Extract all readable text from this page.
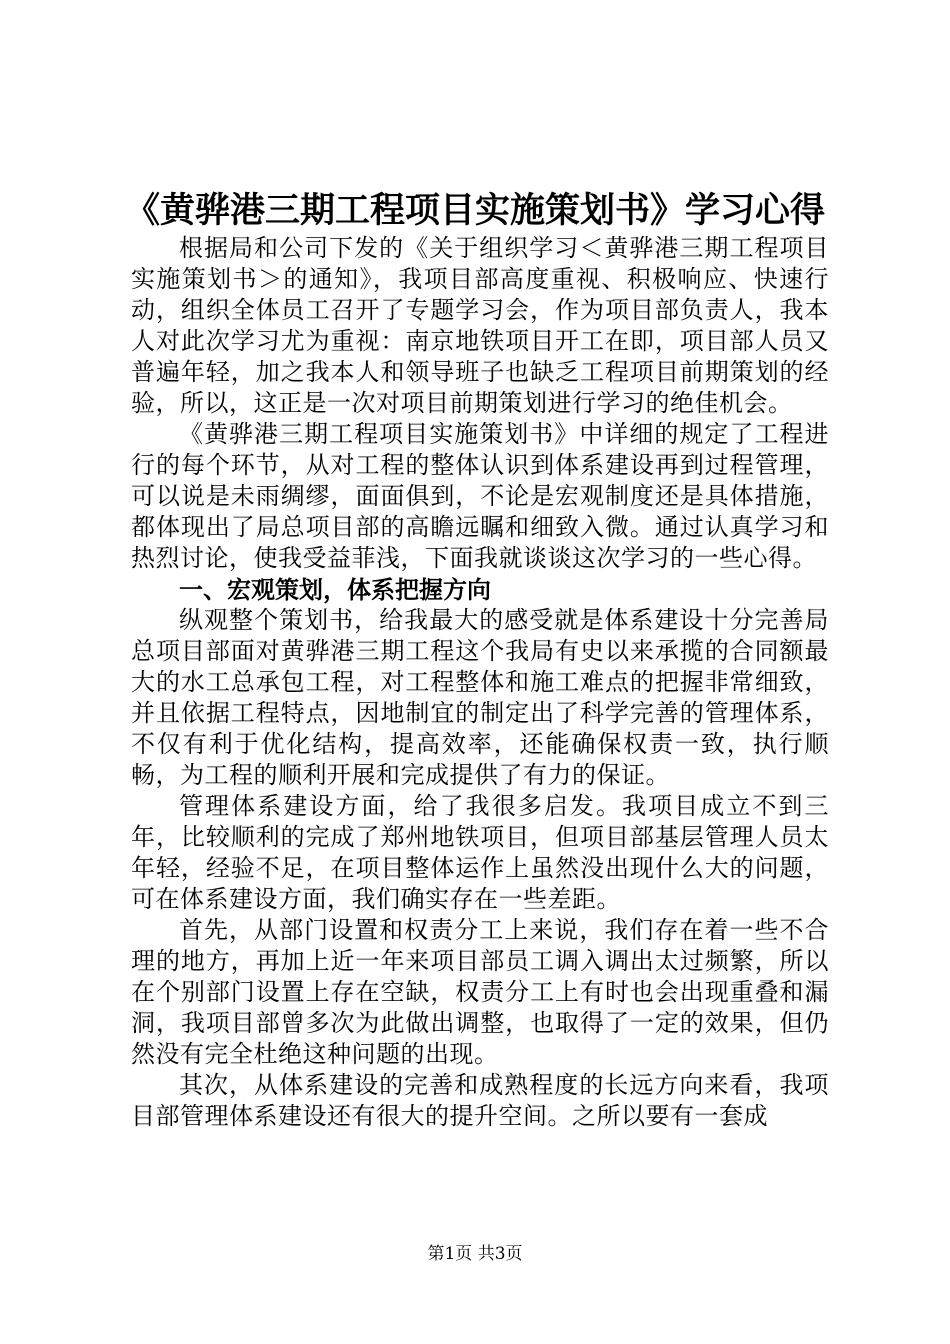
《黄骅港三期工程项目实施策划书》学习心得

根据局和公司下发的《关于组织学习＜黄骅港三期工程项目实施策划书＞的通知》，我项目部高度重视、积极响应、快速行动，组织全体员工召开了专题学习会，作为项目部负责人，我本人对此次学习尤为重视：南京地铁项目开工在即，项目部人员又普遍年轻，加之我本人和领导班子也缺乏工程项目前期策划的经验，所以，这正是一次对项目前期策划进行学习的绝佳机会。

《黄骅港三期工程项目实施策划书》中详细的规定了工程进行的每个环节，从对工程的整体认识到体系建设再到过程管理，可以说是未雨绸缪，面面俱到，不论是宏观制度还是具体措施，都体现出了局总项目部的高瞻远瞩和细致入微。通过认真学习和热烈讨论，使我受益菲浅，下面我就谈谈这次学习的一些心得。

一、宏观策划，体系把握方向

纵观整个策划书，给我最大的感受就是体系建设十分完善局总项目部面对黄骅港三期工程这个我局有史以来承揽的合同额最大的水工总承包工程，对工程整体和施工难点的把握非常细致，并且依据工程特点，因地制宜的制定出了科学完善的管理体系，不仅有利于优化结构，提高效率，还能确保权责一致，执行顺畅，为工程的顺利开展和完成提供了有力的保证。

管理体系建设方面，给了我很多启发。我项目成立不到三年，比较顺利的完成了郑州地铁项目，但项目部基层管理人员太年轻，经验不足，在项目整体运作上虽然没出现什么大的问题，可在体系建设方面，我们确实存在一些差距。

首先，从部门设置和权责分工上来说，我们存在着一些不合理的地方，再加上近一年来项目部员工调入调出太过频繁，所以在个别部门设置上存在空缺，权责分工上有时也会出现重叠和漏洞，我项目部曾多次为此做出调整，也取得了一定的效果，但仍然没有完全杜绝这种问题的出现。

其次，从体系建设的完善和成熟程度的长远方向来看，我项目部管理体系建设还有很大的提升空间。之所以要有一套成

第1页 共3页
